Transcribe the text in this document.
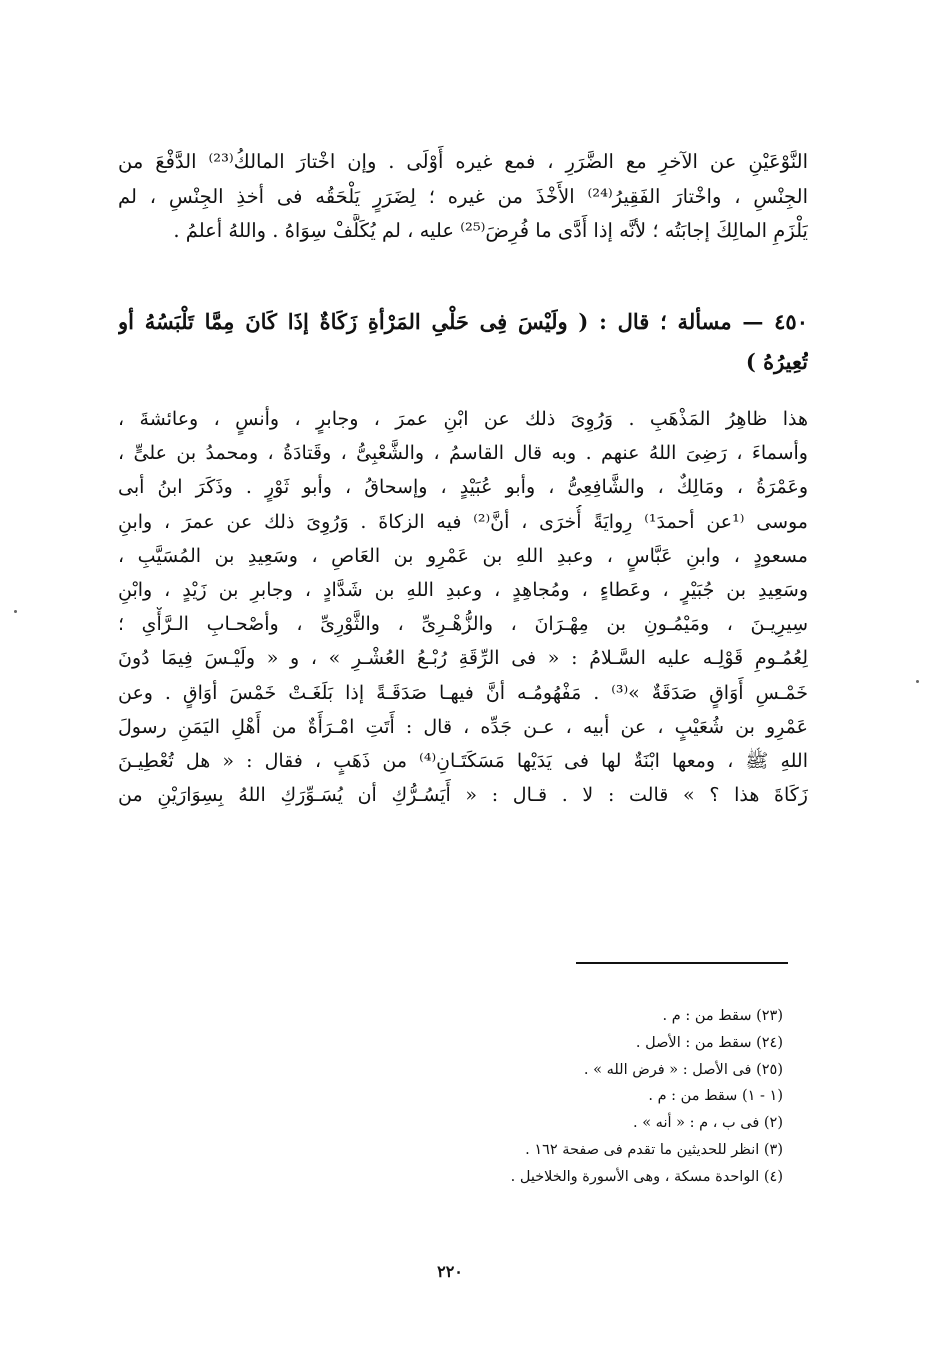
النَّوْعَيْنِ عن الآخرِ مع الضَّرَرِ ، فمع غيره أَوْلَى . وإن اخْتارَ المالكُ⁽²³⁾ الدَّفْعَ من
الجِنْسِ ، واخْتارَ الفَقِيرُ⁽²⁴⁾ الأَخْذَ من غيره ؛ لِضَرَرٍ يَلْحَقُه فى أخذِ الجِنْسِ ، لم
يَلْزَمِ المالِكَ إجابَتُه ؛ لأنَّه إذا أَدَّى ما فُرِضَ⁽²⁵⁾ عليه ، لم يُكَلَّفْ سِوَاهُ . واللهُ أعلمُ .
٤٥٠ — مسألة ؛ قال : ( ولَيْسَ فِى حَلْىِ المَرْأةِ زَكَاةٌ إذَا كَانَ مِمَّا تَلْبَسُهُ أو
تُعِيرُهُ )
هذا ظاهِرُ المَذْهَبِ . وَرُوِىَ ذلك عن ابْنِ عمرَ ، وجابرٍ ، وأنسٍ ، وعائشةَ ،
وأسماءَ ، رَضِىَ اللهُ عنهم . وبه قال القاسمُ ، والشَّعْبِىُّ ، وقَتادَةُ ، ومحمدُ بن علىٍّ ،
وعَمْرَةُ ، ومَالِكٌ ، والشَّافِعِىُّ ، وأبو عُبَيْدٍ ، وإسحاقُ ، وأبو ثَوْرٍ . وذَكَرَ ابنُ أبى
موسى ⁽¹عن أحمدَ¹⁾ رِوايَةً أُخرَى ، أنَّ⁽²⁾ فيه الزكاةَ . وَرُوِىَ ذلك عن عمرَ ، وابنِ
مسعودٍ ، وابنِ عَبَّاسٍ ، وعبدِ اللهِ بن عَمْرِو بن العَاصِ ، وسَعِيدِ بن المُسَيَّبِ ،
وسَعِيدِ بن جُبَيْرٍ ، وعَطاءٍ ، ومُجاهِدٍ ، وعبدِ اللهِ بن شَدَّادٍ ، وجابرِ بن زَيْدٍ ، وابْنِ
سِيرِيـنَ ، ومَيْمُـونِ بن مِهْـرَانَ ، والزُّهْـرِىِّ ، والثَّوْرِىِّ ، وأصْحـابِ الـرَّأْىِ ؛
لِعُمُـومِ قَوْلِـه عليه السَّـلامُ : « فى الرِّقَةِ رُبْـعُ العُشْـرِ » ، و « ولَيْـسَ فِيمَا دُونَ
خَمْـسِ أَوَاقٍ صَدَقَةٌ »⁽³⁾ . مَفْهُومُـه أنَّ فيهـا صَدَقَـةً إذا بَلَغَـتْ خَمْسَ أوَاقٍ . وعن
عَمْرِو بن شُعَيْبٍ ، عن أبيه ، عـن جَدِّه ، قال : أَتَتِ امْـرَأَةٌ من أَهْلِ اليَمَنِ رسولَ
اللهِ ﷺ ، ومعها ابْنَةٌ لها فى يَدَيْها مَسَكَتَـانِ⁽⁴⁾ من ذَهَبٍ ، فقال : « هل تُعْطِيـنَ
زَكَاةَ هذا ؟ » قالت : لا . قـال : « أَيَسُـرُّكِ أن يُسَـوِّرَكِ اللهُ بِسِوَارَيْنِ من
(٢٣) سقط من : م .
(٢٤) سقط من : الأصل .
(٢٥) فى الأصل : « فرض الله » .
(١ - ١) سقط من : م .
(٢) فى ب ، م : « أنه » .
(٣) انظر للحديثين ما تقدم فى صفحة ١٦٢ .
(٤) الواحدة مسكة ، وهى الأسورة والخلاخيل .
٢٢٠
